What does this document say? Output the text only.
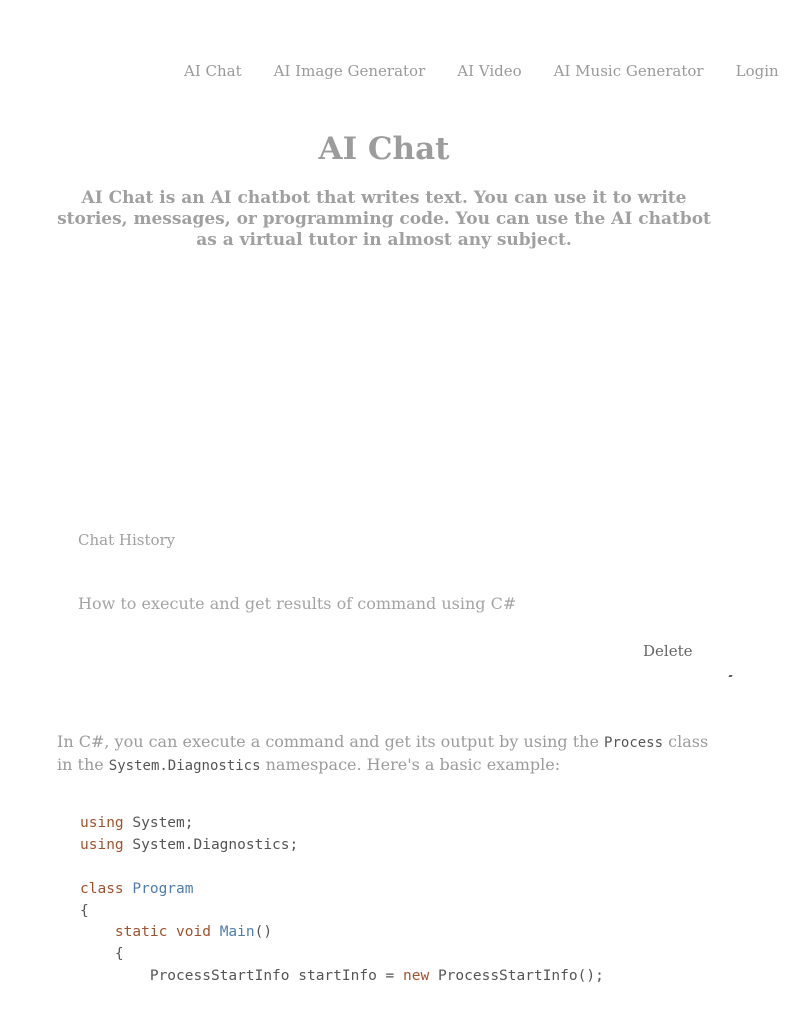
AI Chat AI Image Generator AI Video AI Music Generator Login
AI Chat

AI Chat is an AI chatbot that writes text. You can use it to write stories, messages, or programming code. You can use the AI chatbot as a virtual tutor in almost any subject.

Chat History
How to execute and get results of command using C#
Delete

In C#, you can execute a command and get its output by using the Process class in the System.Diagnostics namespace. Here's a basic example:

using System;
using System.Diagnostics;
class Program
{
static void Main()
{
ProcessStartInfo startInfo = new ProcessStartInfo();
